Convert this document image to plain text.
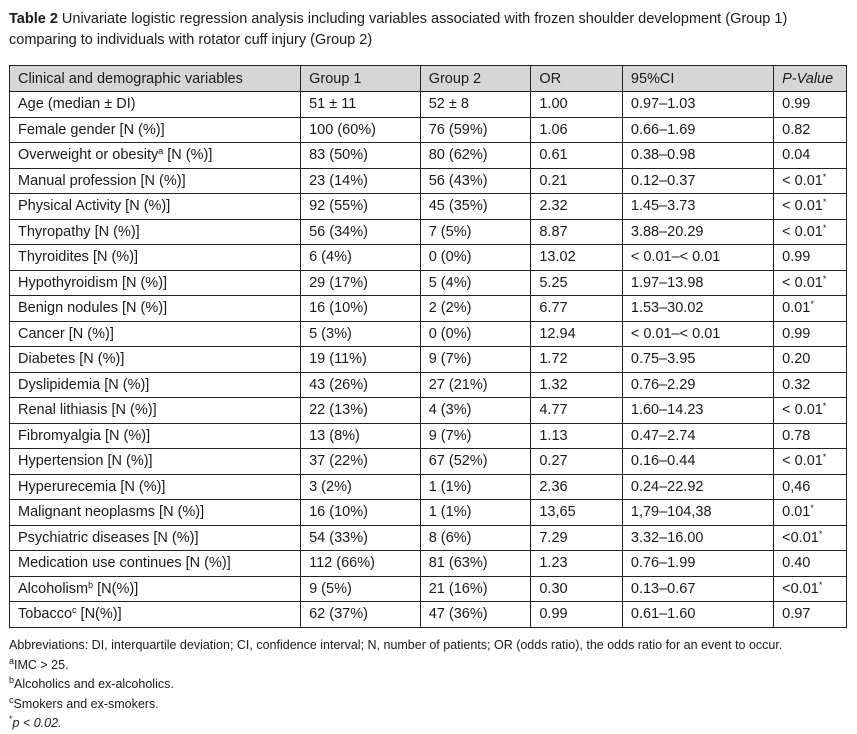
Table 2 Univariate logistic regression analysis including variables associated with frozen shoulder development (Group 1) comparing to individuals with rotator cuff injury (Group 2)
Clinical and demographic variables	Group 1	Group 2	OR	95%CI	P-Value
Age (median ± DI)	51 ± 11	52 ± 8	1.00	0.97–1.03	0.99
Female gender [N (%)]	100 (60%)	76 (59%)	1.06	0.66–1.69	0.82
Overweight or obesity$^a$ [N (%)]	83 (50%)	80 (62%)	0.61	0.38–0.98	0.04
Manual profession [N (%)]	23 (14%)	56 (43%)	0.21	0.12–0.37	< 0.01*
Physical Activity [N (%)]	92 (55%)	45 (35%)	2.32	1.45–3.73	< 0.01*
Thyropathy [N (%)]	56 (34%)	7 (5%)	8.87	3.88–20.29	< 0.01*
Thyroidites [N (%)]	6 (4%)	0 (0%)	13.02	< 0.01–< 0.01	0.99
Hypothyroidism [N (%)]	29 (17%)	5 (4%)	5.25	1.97–13.98	< 0.01*
Benign nodules [N (%)]	16 (10%)	2 (2%)	6.77	1.53–30.02	0.01*
Cancer [N (%)]	5 (3%)	0 (0%)	12.94	< 0.01–< 0.01	0.99
Diabetes [N (%)]	19 (11%)	9 (7%)	1.72	0.75–3.95	0.20
Dyslipidemia [N (%)]	43 (26%)	27 (21%)	1.32	0.76–2.29	0.32
Renal lithiasis [N (%)]	22 (13%)	4 (3%)	4.77	1.60–14.23	< 0.01*
Fibromyalgia [N (%)]	13 (8%)	9 (7%)	1.13	0.47–2.74	0.78
Hypertension [N (%)]	37 (22%)	67 (52%)	0.27	0.16–0.44	< 0.01*
Hyperurecemia [N (%)]	3 (2%)	1 (1%)	2.36	0.24–22.92	0,46
Malignant neoplasms [N (%)]	16 (10%)	1 (1%)	13,65	1,79–104,38	0.01*
Psychiatric diseases [N (%)]	54 (33%)	8 (6%)	7.29	3.32–16.00	<0.01*
Medication use continues [N (%)]	112 (66%)	81 (63%)	1.23	0.76–1.99	0.40
Alcoholism$^b$ [N(%)]	9 (5%)	21 (16%)	0.30	0.13–0.67	<0.01*
Tobacco$^c$ [N(%)]	62 (37%)	47 (36%)	0.99	0.61–1.60	0.97
Abbreviations: DI, interquartile deviation; CI, confidence interval; N, number of patients; OR (odds ratio), the odds ratio for an event to occur.
$^a$IMC > 25.
$^b$Alcoholics and ex-alcoholics.
$^c$Smokers and ex-smokers.
*p < 0.02.
